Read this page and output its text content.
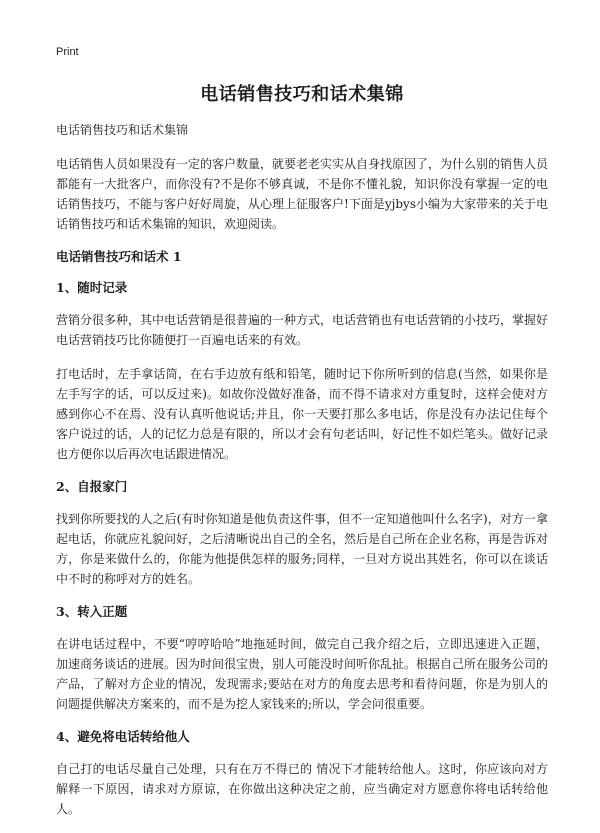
Print
电话销售技巧和话术集锦

电话销售技巧和话术集锦

电话销售人员如果没有一定的客户数量，就要老老实实从自身找原因了，为什么别的销售人员都能有一大批客户，而你没有?不是你不够真诚，不是你不懂礼貌，知识你没有掌握一定的电话销售技巧，不能与客户好好周旋，从心理上征服客户!下面是yjbys小编为大家带来的关于电话销售技巧和话术集锦的知识，欢迎阅读。

电话销售技巧和话术 1
1、随时记录

营销分很多种，其中电话营销是很普遍的一种方式，电话营销也有电话营销的小技巧，掌握好电话营销技巧比你随便打一百遍电话来的有效。

打电话时，左手拿话筒，在右手边放有纸和铅笔，随时记下你所听到的信息(当然，如果你是左手写字的话，可以反过来)。如故你没做好准备，而不得不请求对方重复时，这样会使对方感到你心不在焉、没有认真听他说话;并且，你一天要打那么多电话，你是没有办法记住每个客户说过的话，人的记忆力总是有限的，所以才会有句老话叫，好记性不如烂笔头。做好记录也方便你以后再次电话跟进情况。

2、自报家门

找到你所要找的人之后(有时你知道是他负责这件事，但不一定知道他叫什么名字)，对方一拿起电话，你就应礼貌问好，之后清晰说出自己的全名，然后是自己所在企业名称，再是告诉对方，你是来做什么的，你能为他提供怎样的服务;同样，一旦对方说出其姓名，你可以在谈话中不时的称呼对方的姓名。

3、转入正题

在讲电话过程中，不要“哼哼哈哈”地拖延时间，做完自己我介绍之后，立即迅速进入正题，加速商务谈话的进展。因为时间很宝贵，别人可能没时间听你乱扯。根据自己所在服务公司的产品，了解对方企业的情况，发现需求;要站在对方的角度去思考和看待问题，你是为别人的问题提供解决方案来的，而不是为挖人家钱来的;所以，学会问很重要。

4、避免将电话转给他人

自己打的电话尽量自己处理，只有在万不得已的 情况下才能转给他人。这时，你应该向对方解释一下原因，请求对方原谅，在你做出这种决定之前，应当确定对方愿意你将电话转给他人。
